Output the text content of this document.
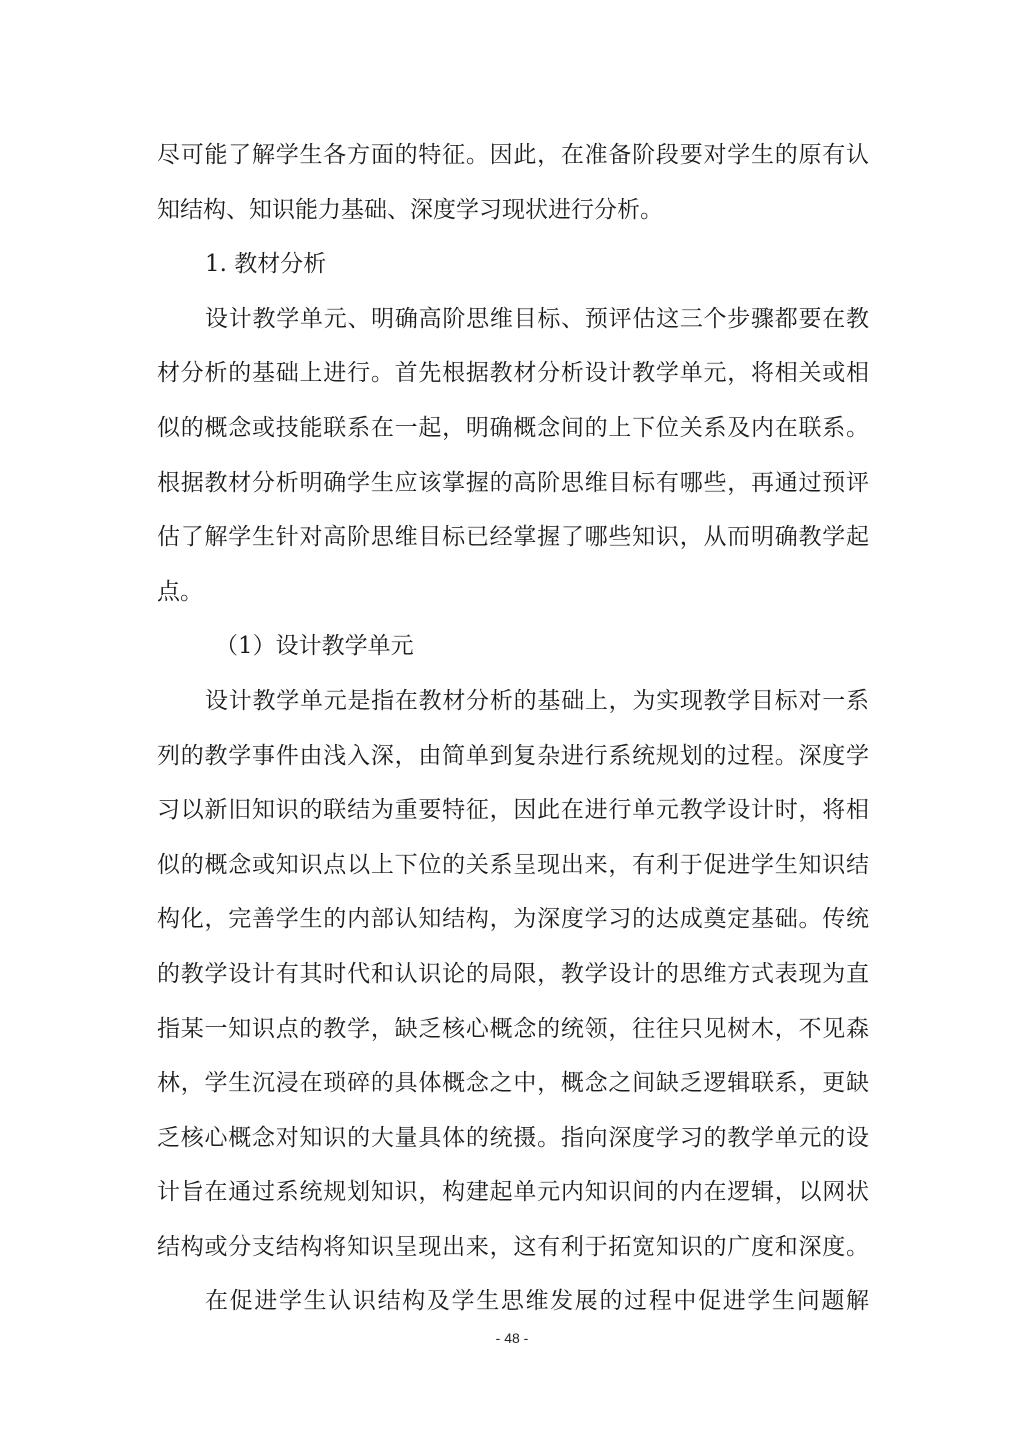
尽可能了解学生各方面的特征。因此，在准备阶段要对学生的原有认
知结构、知识能力基础、深度学习现状进行分析。
1. 教材分析
设计教学单元、明确高阶思维目标、预评估这三个步骤都要在教
材分析的基础上进行。首先根据教材分析设计教学单元，将相关或相
似的概念或技能联系在一起，明确概念间的上下位关系及内在联系。
根据教材分析明确学生应该掌握的高阶思维目标有哪些，再通过预评
估了解学生针对高阶思维目标已经掌握了哪些知识，从而明确教学起
点。
（1）设计教学单元
设计教学单元是指在教材分析的基础上，为实现教学目标对一系
列的教学事件由浅入深，由简单到复杂进行系统规划的过程。深度学
习以新旧知识的联结为重要特征，因此在进行单元教学设计时，将相
似的概念或知识点以上下位的关系呈现出来，有利于促进学生知识结
构化，完善学生的内部认知结构，为深度学习的达成奠定基础。传统
的教学设计有其时代和认识论的局限，教学设计的思维方式表现为直
指某一知识点的教学，缺乏核心概念的统领，往往只见树木，不见森
林，学生沉浸在琐碎的具体概念之中，概念之间缺乏逻辑联系，更缺
乏核心概念对知识的大量具体的统摄。指向深度学习的教学单元的设
计旨在通过系统规划知识，构建起单元内知识间的内在逻辑，以网状
结构或分支结构将知识呈现出来，这有利于拓宽知识的广度和深度。
在促进学生认识结构及学生思维发展的过程中促进学生问题解
- 48 -
